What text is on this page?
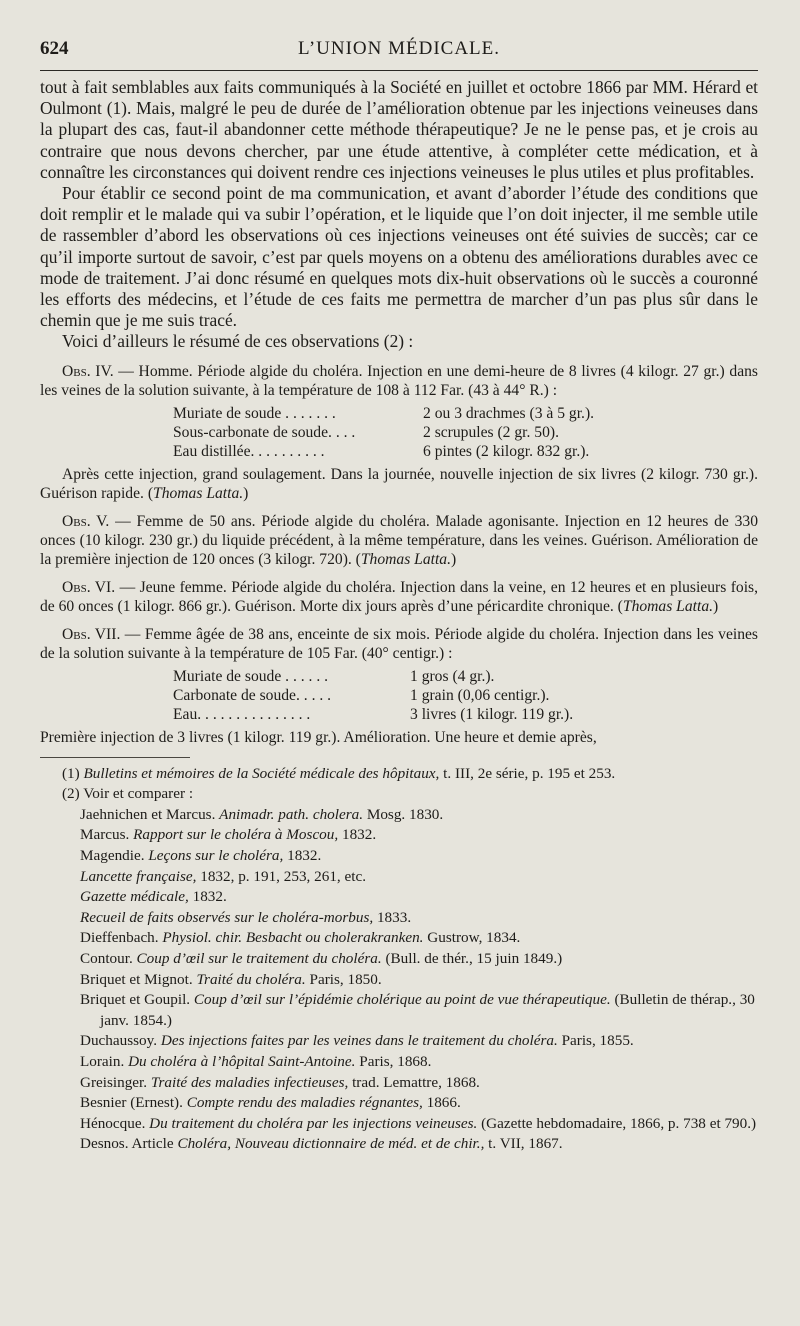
624	L’UNION MÉDICALE.

tout à fait semblables aux faits communiqués à la Société en juillet et octobre 1866 par MM. Hérard et Oulmont (1). Mais, malgré le peu de durée de l’amélioration obtenue par les injections veineuses dans la plupart des cas, faut-il abandonner cette méthode thérapeutique? Je ne le pense pas, et je crois au contraire que nous devons chercher, par une étude attentive, à compléter cette médication, et à connaître les circonstances qui doivent rendre ces injections veineuses le plus utiles et plus profitables.

Pour établir ce second point de ma communication, et avant d’aborder l’étude des conditions que doit remplir et le malade qui va subir l’opération, et le liquide que l’on doit injecter, il me semble utile de rassembler d’abord les observations où ces injections veineuses ont été suivies de succès; car ce qu’il importe surtout de savoir, c’est par quels moyens on a obtenu des améliorations durables avec ce mode de traitement. J’ai donc résumé en quelques mots dix-huit observations où le succès a couronné les efforts des médecins, et l’étude de ces faits me permettra de marcher d’un pas plus sûr dans le chemin que je me suis tracé.

Voici d’ailleurs le résumé de ces observations (2) :

Obs. IV. — Homme. Période algide du choléra. Injection en une demi-heure de 8 livres (4 kilogr. 27 gr.) dans les veines de la solution suivante, à la température de 108 à 112 Far. (43 à 44° R.) :

Muriate de soude . . . . . . .	2 ou 3 drachmes (3 à 5 gr.).
Sous-carbonate de soude. . . .	2 scrupules (2 gr. 50).
Eau distillée. . . . . . . . . .	6 pintes (2 kilogr. 832 gr.).

Après cette injection, grand soulagement. Dans la journée, nouvelle injection de six livres (2 kilogr. 730 gr.). Guérison rapide. (Thomas Latta.)

Obs. V. — Femme de 50 ans. Période algide du choléra. Malade agonisante. Injection en 12 heures de 330 onces (10 kilogr. 230 gr.) du liquide précédent, à la même température, dans les veines. Guérison. Amélioration de la première injection de 120 onces (3 kilogr. 720). (Thomas Latta.)

Obs. VI. — Jeune femme. Période algide du choléra. Injection dans la veine, en 12 heures et en plusieurs fois, de 60 onces (1 kilogr. 866 gr.). Guérison. Morte dix jours après d’une péricardite chronique. (Thomas Latta.)

Obs. VII. — Femme âgée de 38 ans, enceinte de six mois. Période algide du choléra. Injection dans les veines de la solution suivante à la température de 105 Far. (40° centigr.) :

Muriate de soude . . . . . .	1 gros (4 gr.).
Carbonate de soude. . . . .	1 grain (0,06 centigr.).
Eau. . . . . . . . . . . . . . .	3 livres (1 kilogr. 119 gr.).

Première injection de 3 livres (1 kilogr. 119 gr.). Amélioration. Une heure et demie après,

(1) Bulletins et mémoires de la Société médicale des hôpitaux, t. III, 2e série, p. 195 et 253.

(2) Voir et comparer :

Jaehnichen et Marcus. Animadr. path. cholera. Mosg. 1830.

Marcus. Rapport sur le choléra à Moscou, 1832.

Magendie. Leçons sur le choléra, 1832.

Lancette française, 1832, p. 191, 253, 261, etc.

Gazette médicale, 1832.

Recueil de faits observés sur le choléra-morbus, 1833.

Dieffenbach. Physiol. chir. Besbacht ou cholerakranken. Gustrow, 1834.

Contour. Coup d’œil sur le traitement du choléra. (Bull. de thér., 15 juin 1849.)

Briquet et Mignot. Traité du choléra. Paris, 1850.

Briquet et Goupil. Coup d’œil sur l’épidémie cholérique au point de vue thérapeutique. (Bulletin de thérap., 30 janv. 1854.)

Duchaussoy. Des injections faites par les veines dans le traitement du choléra. Paris, 1855.

Lorain. Du choléra à l’hôpital Saint-Antoine. Paris, 1868.

Greisinger. Traité des maladies infectieuses, trad. Lemattre, 1868.

Besnier (Ernest). Compte rendu des maladies régnantes, 1866.

Hénocque. Du traitement du choléra par les injections veineuses. (Gazette hebdomadaire, 1866, p. 738 et 790.)

Desnos. Article Choléra, Nouveau dictionnaire de méd. et de chir., t. VII, 1867.
